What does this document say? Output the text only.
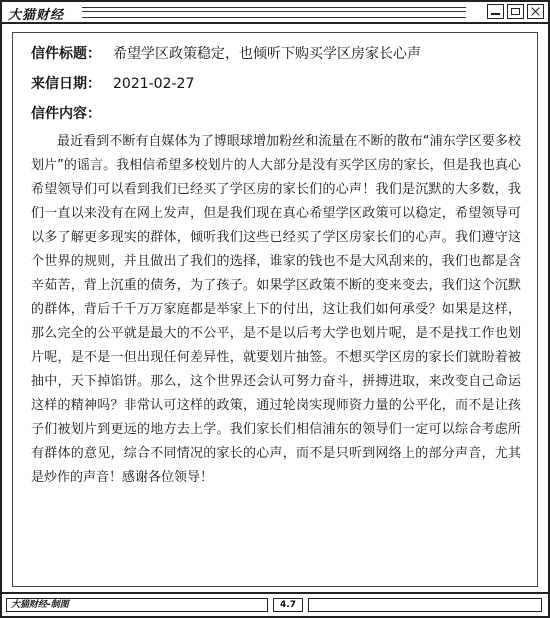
大猫财经
信件标题： 希望学区政策稳定，也倾听下购买学区房家长心声
来信日期： 2021-02-27
信件内容：

最近看到不断有自媒体为了博眼球增加粉丝和流量在不断的散布“浦东学区要多校划片”的谣言。我相信希望多校划片的人大部分是没有买学区房的家长，但是我也真心希望领导们可以看到我们已经买了学区房的家长们的心声！我们是沉默的大多数，我们一直以来没有在网上发声，但是我们现在真心希望学区政策可以稳定，希望领导可以多了解更多现实的群体，倾听我们这些已经买了学区房家长们的心声。我们遵守这个世界的规则，并且做出了我们的选择，谁家的钱也不是大风刮来的，我们也都是含辛茹苦，背上沉重的债务，为了孩子。如果学区政策不断的变来变去，我们这个沉默的群体，背后千千万万家庭都是举家上下的付出，这让我们如何承受？如果是这样，那么完全的公平就是最大的不公平，是不是以后考大学也划片呢，是不是找工作也划片呢，是不是一但出现任何差异性，就要划片抽签。不想买学区房的家长们就盼着被抽中，天下掉馅饼。那么，这个世界还会认可努力奋斗，拼搏进取，来改变自己命运这样的精神吗？非常认可这样的政策，通过轮岗实现师资力量的公平化，而不是让孩子们被划片到更远的地方去上学。我们家长们相信浦东的领导们一定可以综合考虑所有群体的意见，综合不同情况的家长的心声，而不是只听到网络上的部分声音，尤其是炒作的声音！感谢各位领导！

大猫财经-制图	4.7
